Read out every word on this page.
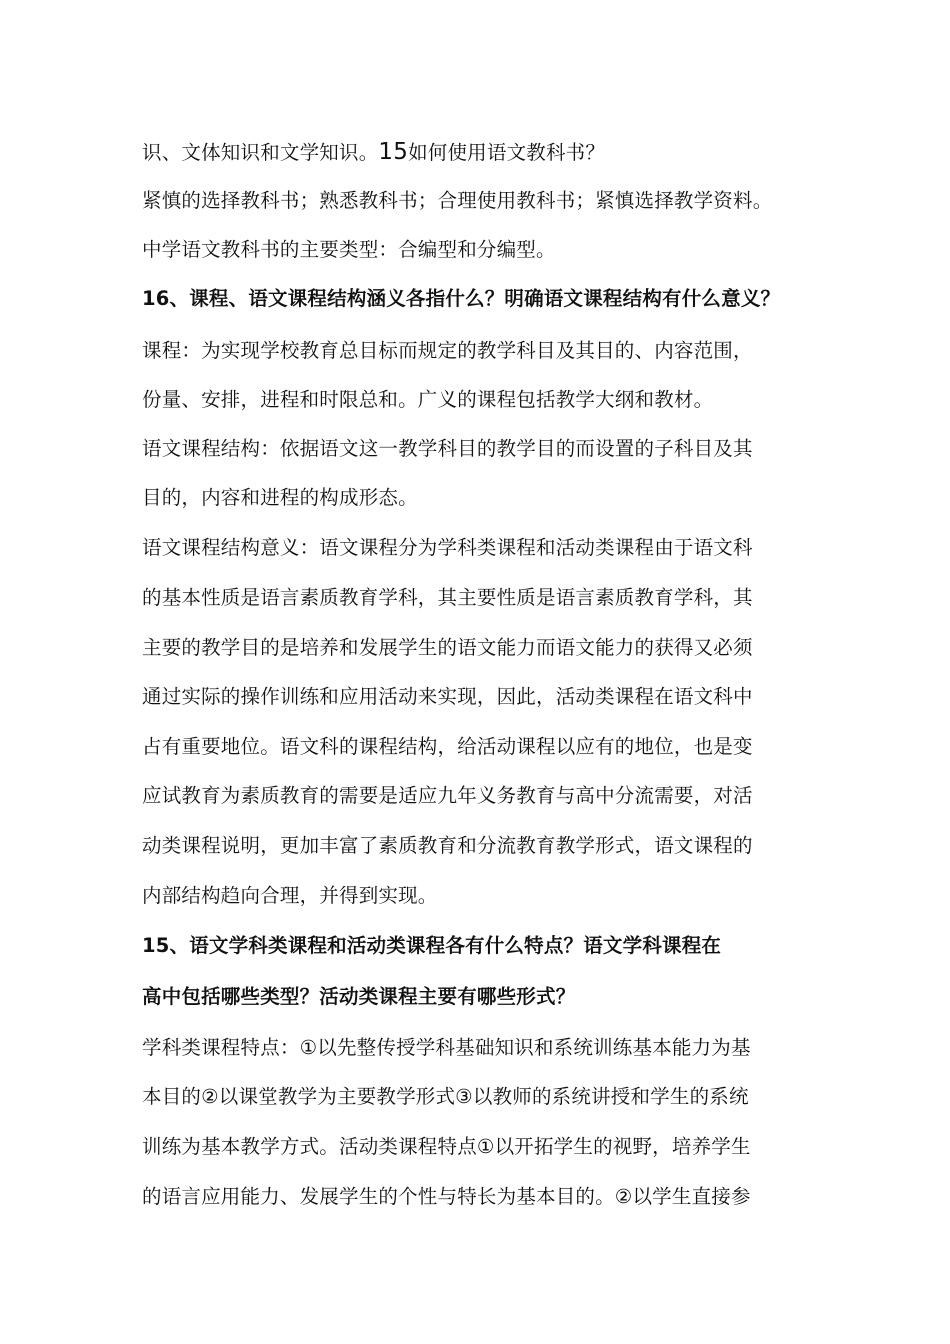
识、文体知识和文学知识。15如何使用语文教科书？
紧慎的选择教科书；熟悉教科书；合理使用教科书；紧慎选择教学资料。
中学语文教科书的主要类型：合编型和分编型。
16、课程、语文课程结构涵义各指什么？明确语文课程结构有什么意义？
课程：为实现学校教育总目标而规定的教学科目及其目的、内容范围，
份量、安排，进程和时限总和。广义的课程包括教学大纲和教材。
语文课程结构：依据语文这一教学科目的教学目的而设置的子科目及其
目的，内容和进程的构成形态。
语文课程结构意义：语文课程分为学科类课程和活动类课程由于语文科
的基本性质是语言素质教育学科，其主要性质是语言素质教育学科，其
主要的教学目的是培养和发展学生的语文能力而语文能力的获得又必须
通过实际的操作训练和应用活动来实现，因此，活动类课程在语文科中
占有重要地位。语文科的课程结构，给活动课程以应有的地位，也是变
应试教育为素质教育的需要是适应九年义务教育与高中分流需要，对活
动类课程说明，更加丰富了素质教育和分流教育教学形式，语文课程的
内部结构趋向合理，并得到实现。
15、语文学科类课程和活动类课程各有什么特点？语文学科课程在
高中包括哪些类型？活动类课程主要有哪些形式？
学科类课程特点：①以先整传授学科基础知识和系统训练基本能力为基
本目的②以课堂教学为主要教学形式③以教师的系统讲授和学生的系统
训练为基本教学方式。活动类课程特点①以开拓学生的视野，培养学生
的语言应用能力、发展学生的个性与特长为基本目的。②以学生直接参
